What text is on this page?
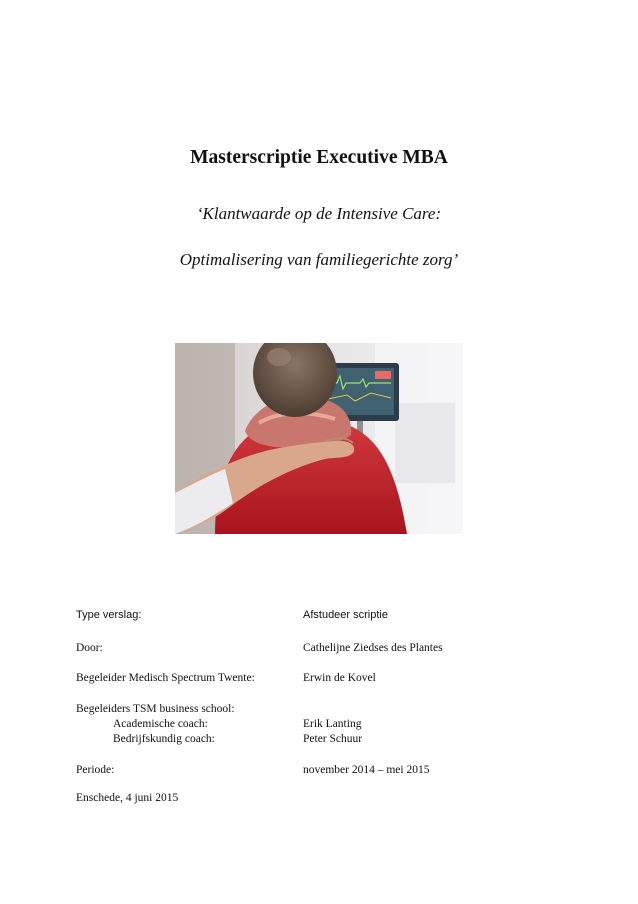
Masterscriptie Executive MBA
‘Klantwaarde op de Intensive Care:
Optimalisering van familiegerichte zorg’
Type verslag:	Afstudeer scriptie
Door:	Cathelijne Ziedses des Plantes
Begeleider Medisch Spectrum Twente:	Erwin de Kovel
Begeleiders TSM business school:
Academische coach:	Erik Lanting
Bedrijfskundig coach:	Peter Schuur
Periode:	november 2014 – mei 2015
Enschede, 4 juni 2015
